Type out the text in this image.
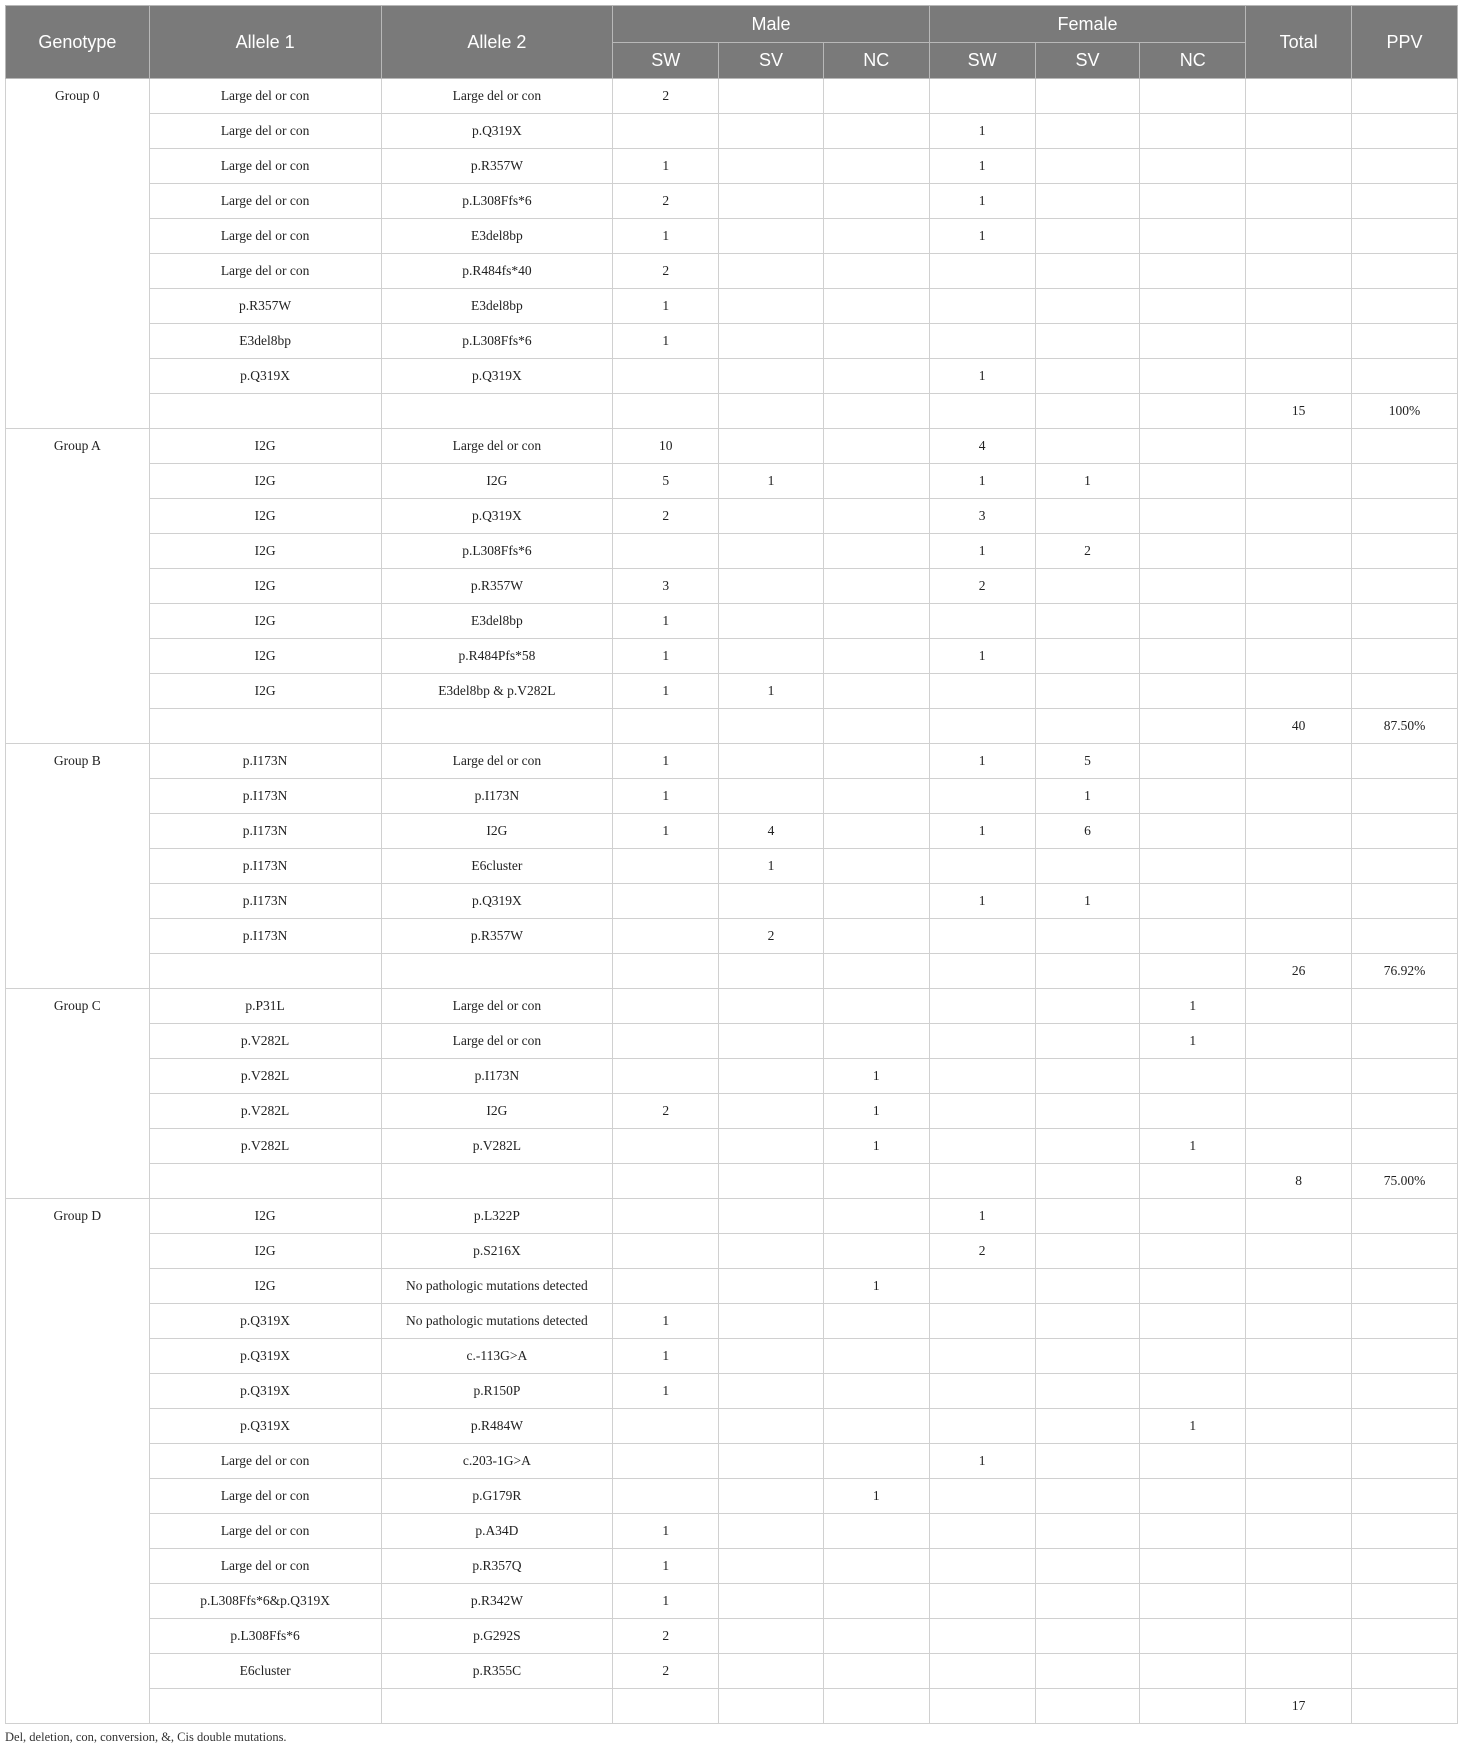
Genotype	Allele 1	Allele 2	Male			Female			Total	PPV
			SW	SV	NC	SW	SV	NC		
Group 0	Large del or con	Large del or con	2							
	Large del or con	p.Q319X				1				
	Large del or con	p.R357W	1			1				
	Large del or con	p.L308Ffs*6	2			1				
	Large del or con	E3del8bp	1			1				
	Large del or con	p.R484fs*40	2							
	p.R357W	E3del8bp	1							
	E3del8bp	p.L308Ffs*6	1							
	p.Q319X	p.Q319X				1				
									15	100%
Group A	I2G	Large del or con	10			4				
	I2G	I2G	5	1		1	1			
	I2G	p.Q319X	2			3				
	I2G	p.L308Ffs*6				1	2			
	I2G	p.R357W	3			2				
	I2G	E3del8bp	1							
	I2G	p.R484Pfs*58	1			1				
	I2G	E3del8bp & p.V282L	1	1						
									40	87.50%
Group B	p.I173N	Large del or con	1			1	5			
	p.I173N	p.I173N	1				1			
	p.I173N	I2G	1	4		1	6			
	p.I173N	E6cluster		1						
	p.I173N	p.Q319X				1	1			
	p.I173N	p.R357W		2						
									26	76.92%
Group C	p.P31L	Large del or con						1		
	p.V282L	Large del or con						1		
	p.V282L	p.I173N			1					
	p.V282L	I2G	2		1					
	p.V282L	p.V282L			1			1		
									8	75.00%
Group D	I2G	p.L322P				1				
	I2G	p.S216X				2				
	I2G	No pathologic mutations detected			1					
	p.Q319X	No pathologic mutations detected	1							
	p.Q319X	c.-113G>A	1							
	p.Q319X	p.R150P	1							
	p.Q319X	p.R484W						1		
	Large del or con	c.203-1G>A				1				
	Large del or con	p.G179R			1					
	Large del or con	p.A34D	1							
	Large del or con	p.R357Q	1							
	p.L308Ffs*6&p.Q319X	p.R342W	1							
	p.L308Ffs*6	p.G292S	2							
	E6cluster	p.R355C	2							
									17	
Del, deletion, con, conversion, &, Cis double mutations.
